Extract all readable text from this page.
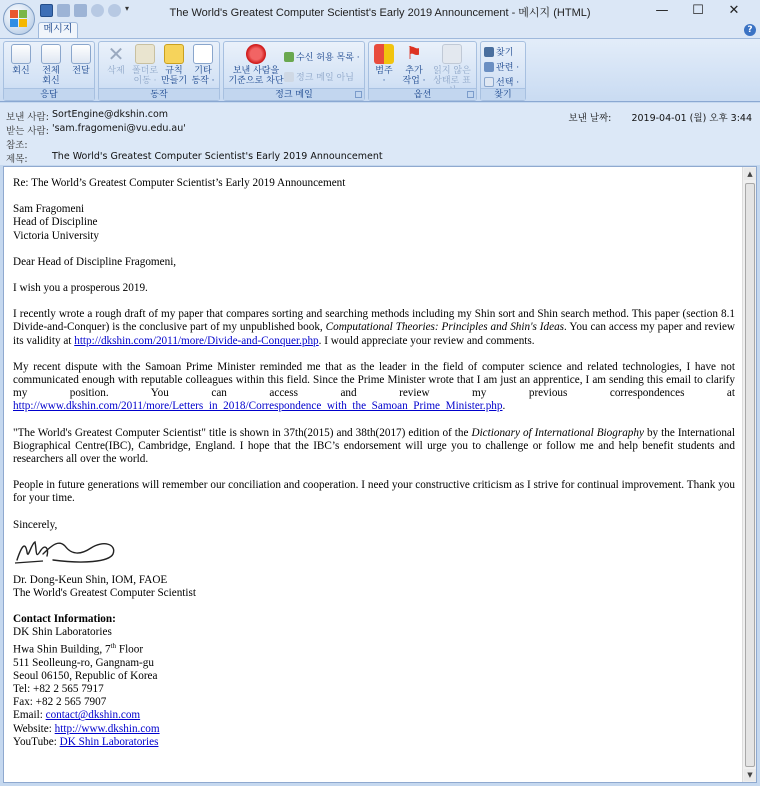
▾	The World's Greatest Computer Scientist's Early 2019 Announcement - 메시지 (HTML)	—	☐	✕
메시지	?
회신	전체
회신
전달
응답
✕
삭제 폴더로
이동 ·
규칙
만들기
기타
동작 ·
동작
보낸 사람을
기준으로 차단
수신 허용 목록 ·
정크 메일 아님
정크 메일
범주
·
⚑
추가
작업 ·
읽지 않은
상태로 표
옵션
찾기
관련 ·
선택 ·
찾기
보낸 사람: SortEngine@dkshin.com
받는 사람: 'sam.fragomeni@vu.edu.au'
참조:
제목:	The World's Greatest Computer Scientist's Early 2019 Announcement
보낸 날짜: 2019-04-01 (월) 오후 3:44

Re: The World’s Greatest Computer Scientist’s Early 2019 Announcement

Sam Fragomeni
Head of Discipline
Victoria University

Dear Head of Discipline Fragomeni,

I wish you a prosperous 2019.

I recently wrote a rough draft of my paper that compares sorting and searching methods including my Shin sort and Shin search method. This paper (section 8.1 Divide-and-Conquer) is the conclusive part of my unpublished book, Computational Theories: Principles and Shin's Ideas. You can access my paper and review its validity at http://dkshin.com/2011/more/Divide-and-Conquer.php. I would appreciate your review and comments.

My recent dispute with the Samoan Prime Minister reminded me that as the leader in the field of computer science and related technologies, I have not communicated enough with reputable colleagues within this field. Since the Prime Minister wrote that I am just an apprentice, I am sending this email to clarify my position. You can access and review my previous correspondences at http://www.dkshin.com/2011/more/Letters_in_2018/Correspondence_with_the_Samoan_Prime_Minister.php.

"The World's Greatest Computer Scientist" title is shown in 37th(2015) and 38th(2017) edition of the Dictionary of International Biography by the International Biographical Centre(IBC), Cambridge, England. I hope that the IBC’s endorsement will urge you to challenge or follow me and help benefit students and researchers all over the world.

People in future generations will remember our conciliation and cooperation. I need your constructive criticism as I strive for continual improvement. Thank you for your time.

Sincerely,

Dr. Dong-Keun Shin, IOM, FAOE
The World's Greatest Computer Scientist
Contact Information:
DK Shin Laboratories
Hwa Shin Building, 7th Floor
511 Seolleung-ro, Gangnam-gu
Seoul 06150, Republic of Korea
Tel: +82 2 565 7917
Fax: +82 2 565 7907
Email: contact@dkshin.com
Website: http://www.dkshin.com
YouTube: DK Shin Laboratories
▲
▼
